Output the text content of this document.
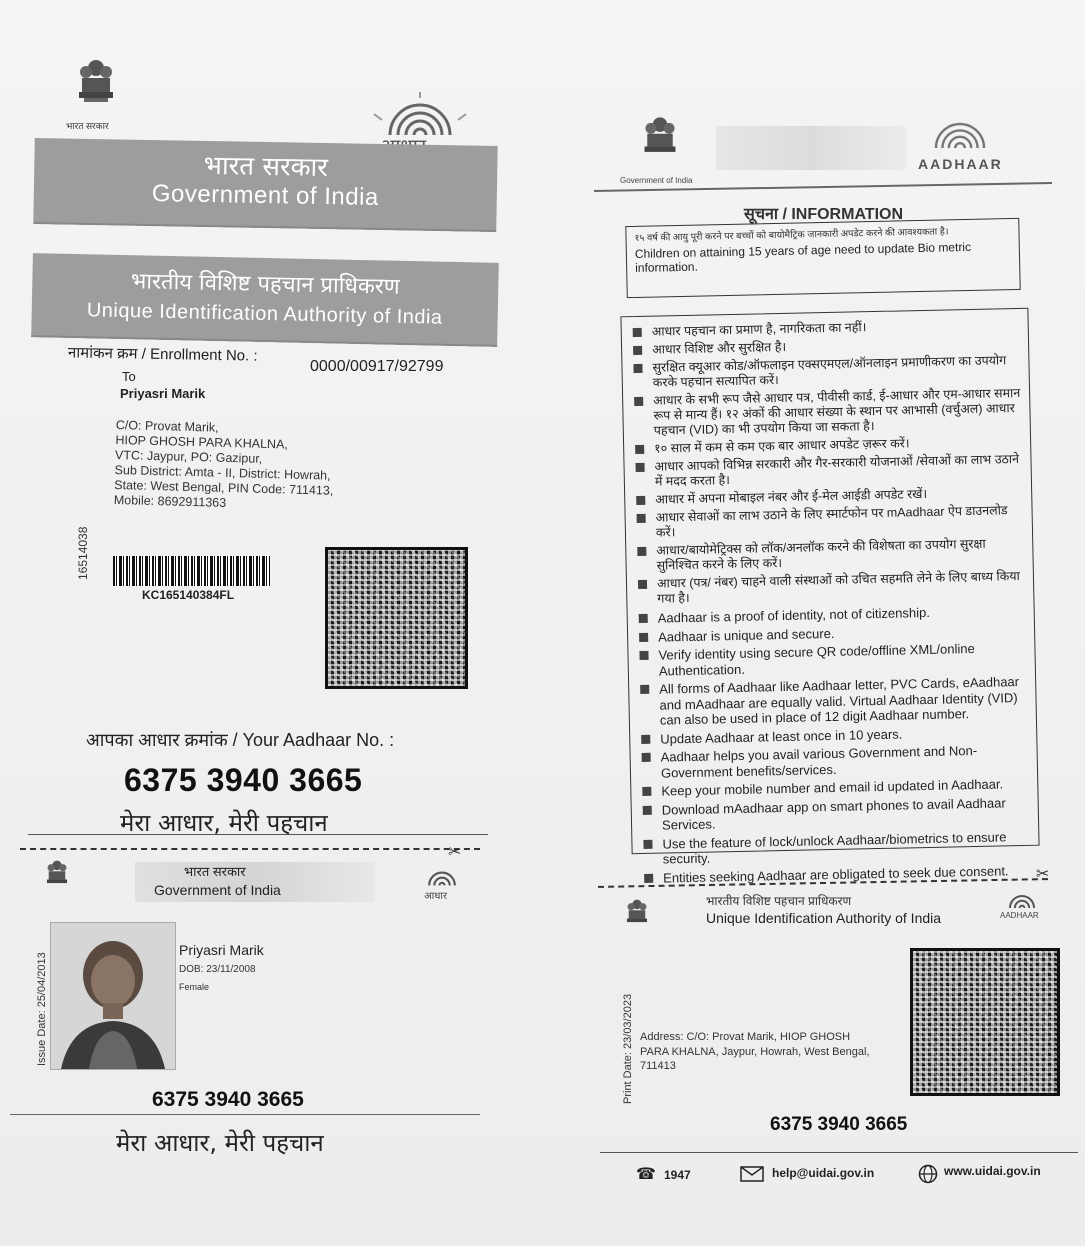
भारत सरकार
भारत सरकार
Government of India
भारतीय विशिष्ट पहचान प्राधिकरण
Unique Identification Authority of India
नामांकन क्रम / Enrollment No. :
0000/00917/92799
To
Priyasri Marik
C/O: Provat Marik,
HIOP GHOSH PARA KHALNA,
VTC: Jaypur, PO: Gazipur,
Sub District: Amta - II, District: Howrah,
State: West Bengal, PIN Code: 711413,
Mobile: 8692911363
16514038
KC165140384FL
आपका आधार क्रमांक / Your Aadhaar No. :
6375 3940 3665
मेरा आधार, मेरी पहचान
✂
भारत सरकार
Government of India	आधार
Issue Date: 25/04/2013
Priyasri Marik
DOB: 23/11/2008
Female
6375 3940 3665
मेरा आधार, मेरी पहचान
Government of India
AADHAAR
सूचना / INFORMATION
१५ वर्ष की आयु पूरी करने पर बच्चों को बायोमैट्रिक जानकारी अपडेट करने की आवश्यकता है।
Children on attaining 15 years of age need to update Bio metric information.
आधार पहचान का प्रमाण है, नागरिकता का नहीं।
आधार विशिष्ट और सुरक्षित है।
सुरक्षित क्यूआर कोड/ऑफलाइन एक्सएमएल/ऑनलाइन प्रमाणीकरण का उपयोग करके पहचान सत्यापित करें।
आधार के सभी रूप जैसे आधार पत्र, पीवीसी कार्ड, ई-आधार और एम-आधार समान रूप से मान्य हैं। १२ अंकों की आधार संख्या के स्थान पर आभासी (वर्चुअल) आधार पहचान (VID) का भी उपयोग किया जा सकता है।
१० साल में कम से कम एक बार आधार अपडेट ज़रूर करें।
आधार आपको विभिन्न सरकारी और गैर-सरकारी योजनाओं /सेवाओं का लाभ उठाने में मदद करता है।
आधार में अपना मोबाइल नंबर और ई-मेल आईडी अपडेट रखें।
आधार सेवाओं का लाभ उठाने के लिए स्मार्टफोन पर mAadhaar ऐप डाउनलोड करें।
आधार/बायोमेट्रिक्स को लॉक/अनलॉक करने की विशेषता का उपयोग सुरक्षा सुनिश्चित करने के लिए करें।
आधार (पत्र/ नंबर) चाहने वाली संस्थाओं को उचित सहमति लेने के लिए बाध्य किया गया है।
Aadhaar is a proof of identity, not of citizenship.
Aadhaar is unique and secure.
Verify identity using secure QR code/offline XML/online Authentication.
All forms of Aadhaar like Aadhaar letter, PVC Cards, eAadhaar and mAadhaar are equally valid. Virtual Aadhaar Identity (VID) can also be used in place of 12 digit Aadhaar number.
Update Aadhaar at least once in 10 years.
Aadhaar helps you avail various Government and Non-Government benefits/services.
Keep your mobile number and email id updated in Aadhaar.
Download mAadhaar app on smart phones to avail Aadhaar Services.
Use the feature of lock/unlock Aadhaar/biometrics to ensure security.
Entities seeking Aadhaar are obligated to seek due consent.	✂
भारतीय विशिष्ट पहचान प्राधिकरण
Unique Identification Authority of India	AADHAAR
Print Date: 23/03/2023 Address: C/O: Provat Marik, HIOP GHOSH PARA KHALNA, Jaypur, Howrah, West Bengal, 711413
6375 3940 3665
☎ 1947	help@uidai.gov.in	www.uidai.gov.in
